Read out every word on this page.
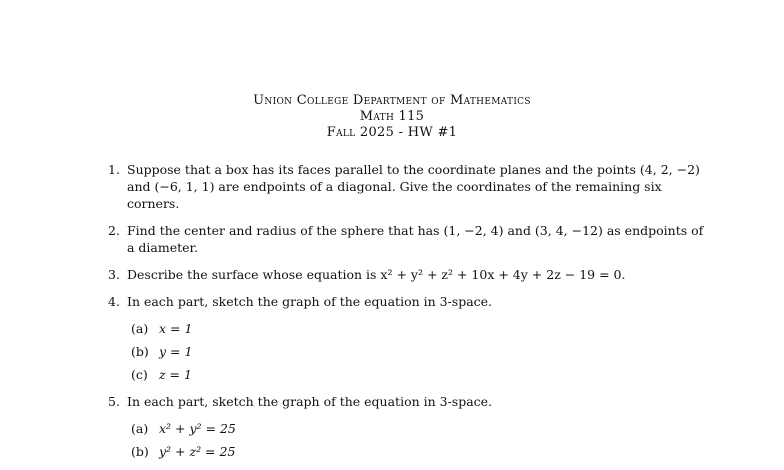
Union College Department of Mathematics
Math 115
Fall 2025 - HW #1
1. Suppose that a box has its faces parallel to the coordinate planes and the points (4, 2, −2) and (−6, 1, 1) are endpoints of a diagonal. Give the coordinates of the remaining six corners.
2. Find the center and radius of the sphere that has (1, −2, 4) and (3, 4, −12) as endpoints of a diameter.
3. Describe the surface whose equation is x² + y² + z² + 10x + 4y + 2z − 19 = 0.
4. In each part, sketch the graph of the equation in 3-space.
(a) x = 1
(b) y = 1
(c) z = 1
5. In each part, sketch the graph of the equation in 3-space.
(a) x² + y² = 25
(b) y² + z² = 25
